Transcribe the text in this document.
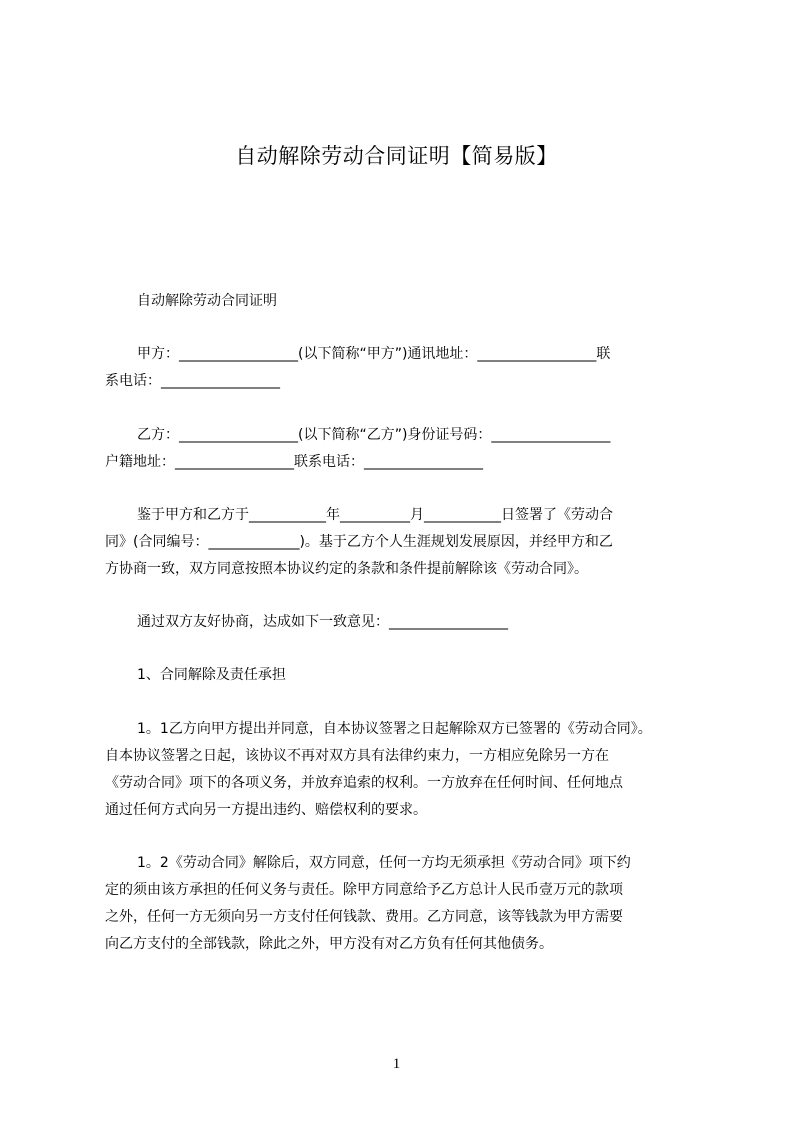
自动解除劳动合同证明【简易版】
自动解除劳动合同证明
甲方：_________________(以下简称“甲方”)通讯地址：_________________联
系电话：_________________
乙方：_________________(以下简称“乙方”)身份证号码：_________________
户籍地址：_________________联系电话：_________________
鉴于甲方和乙方于___________年__________月___________日签署了《劳动合
同》(合同编号：_____________)。基于乙方个人生涯规划发展原因，并经甲方和乙
方协商一致，双方同意按照本协议约定的条款和条件提前解除该《劳动合同》。
通过双方友好协商，达成如下一致意见：_________________
1、合同解除及责任承担
1。1乙方向甲方提出并同意，自本协议签署之日起解除双方已签署的《劳动合同》。
自本协议签署之日起，该协议不再对双方具有法律约束力，一方相应免除另一方在
《劳动合同》项下的各项义务，并放弃追索的权利。一方放弃在任何时间、任何地点
通过任何方式向另一方提出违约、赔偿权利的要求。
1。2《劳动合同》解除后，双方同意，任何一方均无须承担《劳动合同》项下约
定的须由该方承担的任何义务与责任。除甲方同意给予乙方总计人民币壹万元的款项
之外，任何一方无须向另一方支付任何钱款、费用。乙方同意，该等钱款为甲方需要
向乙方支付的全部钱款，除此之外，甲方没有对乙方负有任何其他债务。
1
